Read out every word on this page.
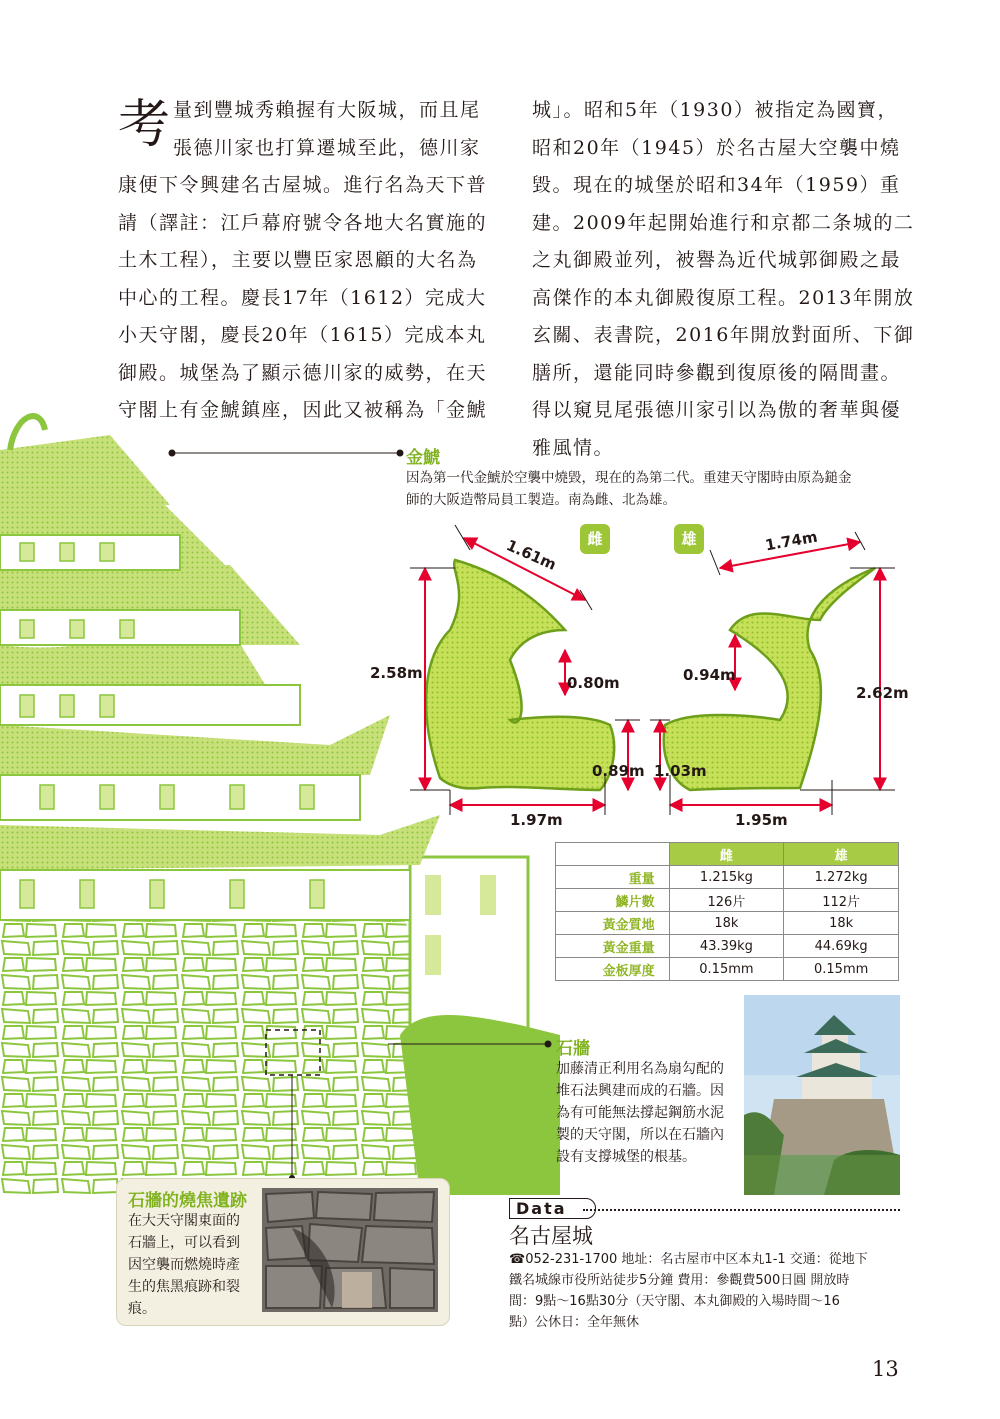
考 量到豐城秀賴握有大阪城，而且尾
張德川家也打算遷城至此，德川家
康便下令興建名古屋城。進行名為天下普
請（譯註：江戶幕府號令各地大名實施的
土木工程），主要以豐臣家恩顧的大名為
中心的工程。慶長17年（1612）完成大
小天守閣，慶長20年（1615）完成本丸
御殿。城堡為了顯示德川家的威勢，在天
守閣上有金鯱鎮座，因此又被稱為「金鯱
城」。昭和5年（1930）被指定為國寶，
昭和20年（1945）於名古屋大空襲中燒
毀。現在的城堡於昭和34年（1959）重
建。2009年起開始進行和京都二条城的二
之丸御殿並列，被譽為近代城郭御殿之最
高傑作的本丸御殿復原工程。2013年開放
玄關、表書院，2016年開放對面所、下御
膳所，還能同時參觀到復原後的隔間畫。
得以窺見尾張德川家引以為傲的奢華與優
雅風情。
金鯱
因為第一代金鯱於空襲中燒毀，現在的為第二代。重建天守閣時由原為鎚金
師的大阪造幣局員工製造。南為雌、北為雄。
雌	雄
1.61m
2.58m
0.80m
0.89m
1.97m
1.74m
2.62m
0.94m
1.03m
1.95m
	雌	雄
重量	1.215kg	1.272kg
鱗片數	126片	112片
黃金質地	18k	18k
黃金重量	43.39kg	44.69kg
金板厚度	0.15mm	0.15mm
石牆
加藤清正利用名為扇勾配的
堆石法興建而成的石牆。因
為有可能無法撐起鋼筋水泥
製的天守閣，所以在石牆內
設有支撐城堡的根基。
石牆的燒焦遺跡
在大天守閣東面的
石牆上，可以看到
因空襲而燃燒時產
生的焦黑痕跡和裂
痕。
Data
名古屋城
☎052-231-1700 地址：名古屋市中区本丸1-1 交通：從地下
鐵名城線市役所站徒步5分鐘 費用：參觀費500日圓 開放時
間：9點～16點30分（天守閣、本丸御殿的入場時間～16
點）公休日：全年無休
13
